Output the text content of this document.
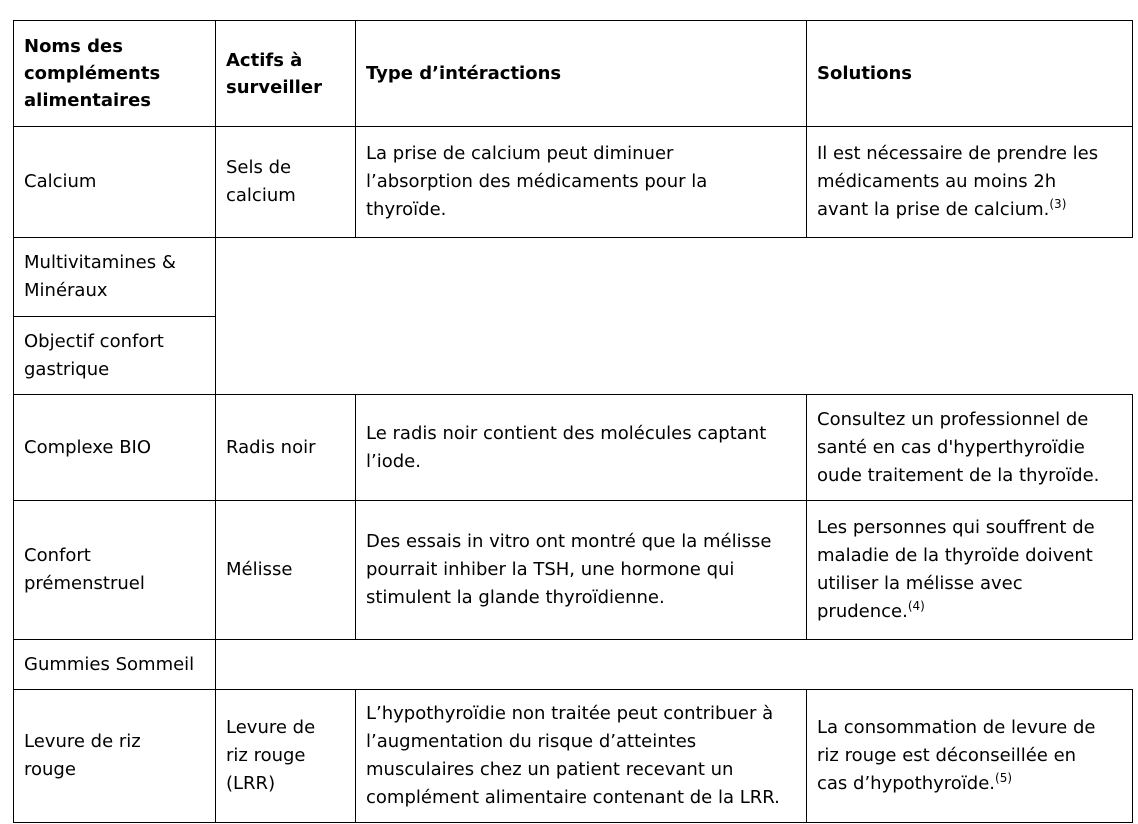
Noms des
compléments
alimentaires
Actifs à
surveiller
Type d’intéractions	Solutions
Calcium
Sels de
calcium
La prise de calcium peut diminuer
l’absorption des médicaments pour la
thyroïde.
Il est nécessaire de prendre les
médicaments au moins 2h
avant la prise de calcium.$^{(3)}$
Multivitamines &
Minéraux
Objectif confort
gastrique
Complexe BIO	Radis noir
Le radis noir contient des molécules captant
l’iode.
Consultez un professionnel de
santé en cas d'hyperthyroïdie
oude traitement de la thyroïde.
Confort
prémenstruel
Mélisse
Des essais in vitro ont montré que la mélisse
pourrait inhiber la TSH, une hormone qui
stimulent la glande thyroïdienne.
Les personnes qui souffrent de
maladie de la thyroïde doivent
utiliser la mélisse avec
prudence.$^{(4)}$
Gummies Sommeil
Levure de riz
rouge
Levure de
riz rouge
(LRR)
L’hypothyroïdie non traitée peut contribuer à
l’augmentation du risque d’atteintes
musculaires chez un patient recevant un
complément alimentaire contenant de la LRR.
La consommation de levure de
riz rouge est déconseillée en
cas d’hypothyroïde.$^{(5)}$
